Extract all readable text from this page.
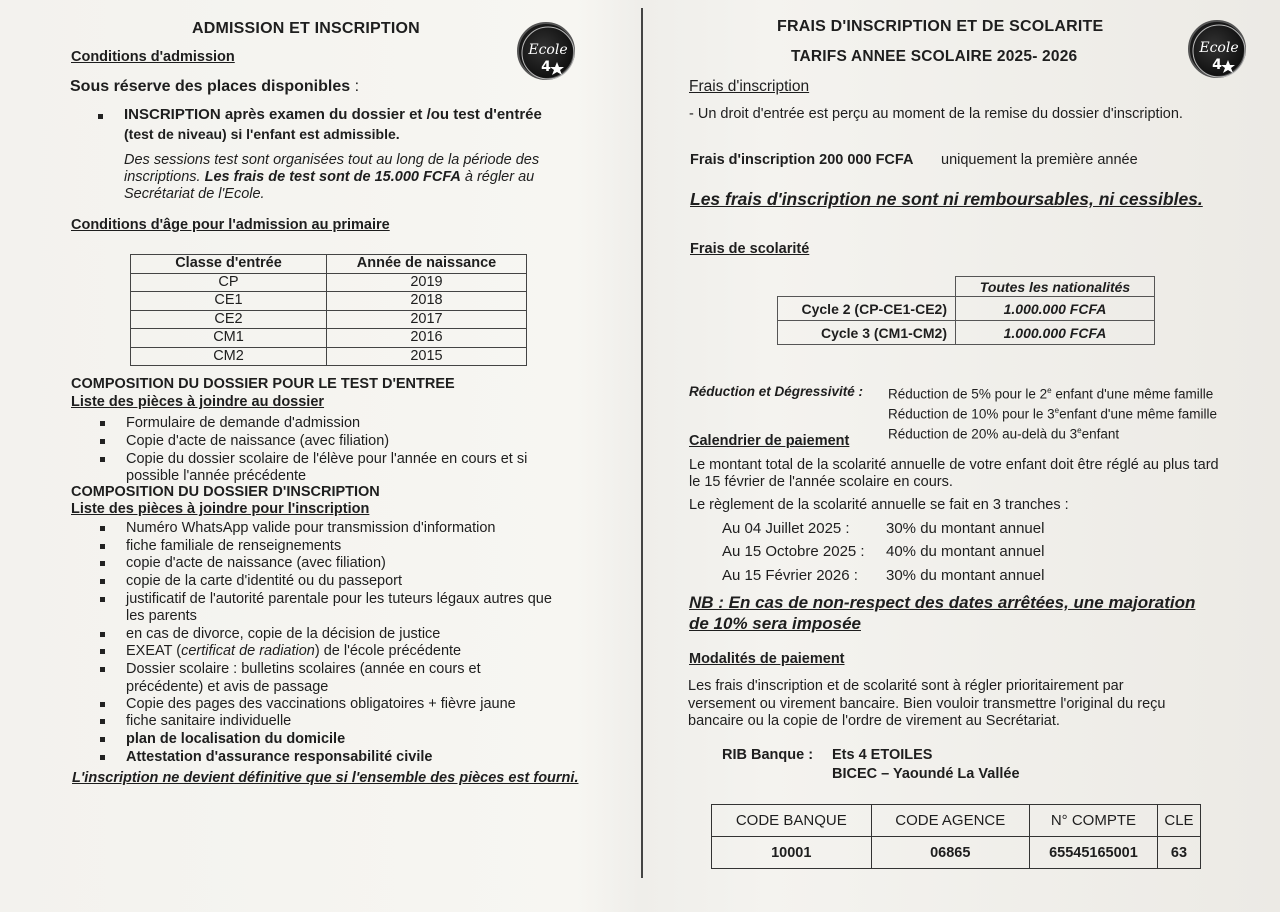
ADMISSION ET INSCRIPTION
Ecole
4
Conditions d'admission
Sous réserve des places disponibles :
INSCRIPTION après examen du dossier et /ou test d'entrée
(test de niveau) si l'enfant est admissible.
Des sessions test sont organisées tout au long de la période des
inscriptions. Les frais de test sont de 15.000 FCFA à régler au
Secrétariat de l'Ecole.
Conditions d'âge pour l'admission au primaire
Classe d'entrée	Année de naissance
CP	2019
CE1	2018
CE2	2017
CM1	2016
CM2	2015
COMPOSITION DU DOSSIER POUR LE TEST D'ENTREE
Liste des pièces à joindre au dossier
Formulaire de demande d'admission
Copie d'acte de naissance (avec filiation)
Copie du dossier scolaire de l'élève pour l'année en cours et si
possible l'année précédente
COMPOSITION DU DOSSIER D'INSCRIPTION
Liste des pièces à joindre pour l'inscription
Numéro WhatsApp valide pour transmission d'information
fiche familiale de renseignements
copie d'acte de naissance (avec filiation)
copie de la carte d'identité ou du passeport
justificatif de l'autorité parentale pour les tuteurs légaux autres que
les parents
en cas de divorce, copie de la décision de justice
EXEAT (certificat de radiation) de l'école précédente
Dossier scolaire : bulletins scolaires (année en cours et
précédente) et avis de passage
Copie des pages des vaccinations obligatoires + fièvre jaune
fiche sanitaire individuelle
plan de localisation du domicile
Attestation d'assurance responsabilité civile
L'inscription ne devient définitive que si l'ensemble des pièces est fourni.
FRAIS D'INSCRIPTION ET DE SCOLARITE
TARIFS ANNEE SCOLAIRE 2025- 2026	Ecole
4
Frais d'inscription
- Un droit d'entrée est perçu au moment de la remise du dossier d'inscription.
Frais d'inscription 200 000 FCFA uniquement la première année
Les frais d'inscription ne sont ni remboursables, ni cessibles.
Frais de scolarité
	Toutes les nationalités
Cycle 2 (CP-CE1-CE2)	1.000.000 FCFA
Cycle 3 (CM1-CM2)	1.000.000 FCFA
Réduction et Dégressivité : Réduction de 5% pour le 2e enfant d'une même famille
Réduction de 10% pour le 3eenfant d'une même famille
Réduction de 20% au-delà du 3eenfant
Calendrier de paiement
Le montant total de la scolarité annuelle de votre enfant doit être réglé au plus tard
le 15 février de l'année scolaire en cours.
Le règlement de la scolarité annuelle se fait en 3 tranches :
Au 04 Juillet 2025 : 30% du montant annuel
Au 15 Octobre 2025 : 40% du montant annuel
Au 15 Février 2026 : 30% du montant annuel
NB : En cas de non-respect des dates arrêtées, une majoration
de 10% sera imposée
Modalités de paiement
Les frais d'inscription et de scolarité sont à régler prioritairement par
versement ou virement bancaire. Bien vouloir transmettre l'original du reçu
bancaire ou la copie de l'ordre de virement au Secrétariat.
RIB Banque : Ets 4 ETOILES
BICEC – Yaoundé La Vallée
CODE BANQUE	CODE AGENCE	N° COMPTE	CLE
10001	06865	65545165001	63
